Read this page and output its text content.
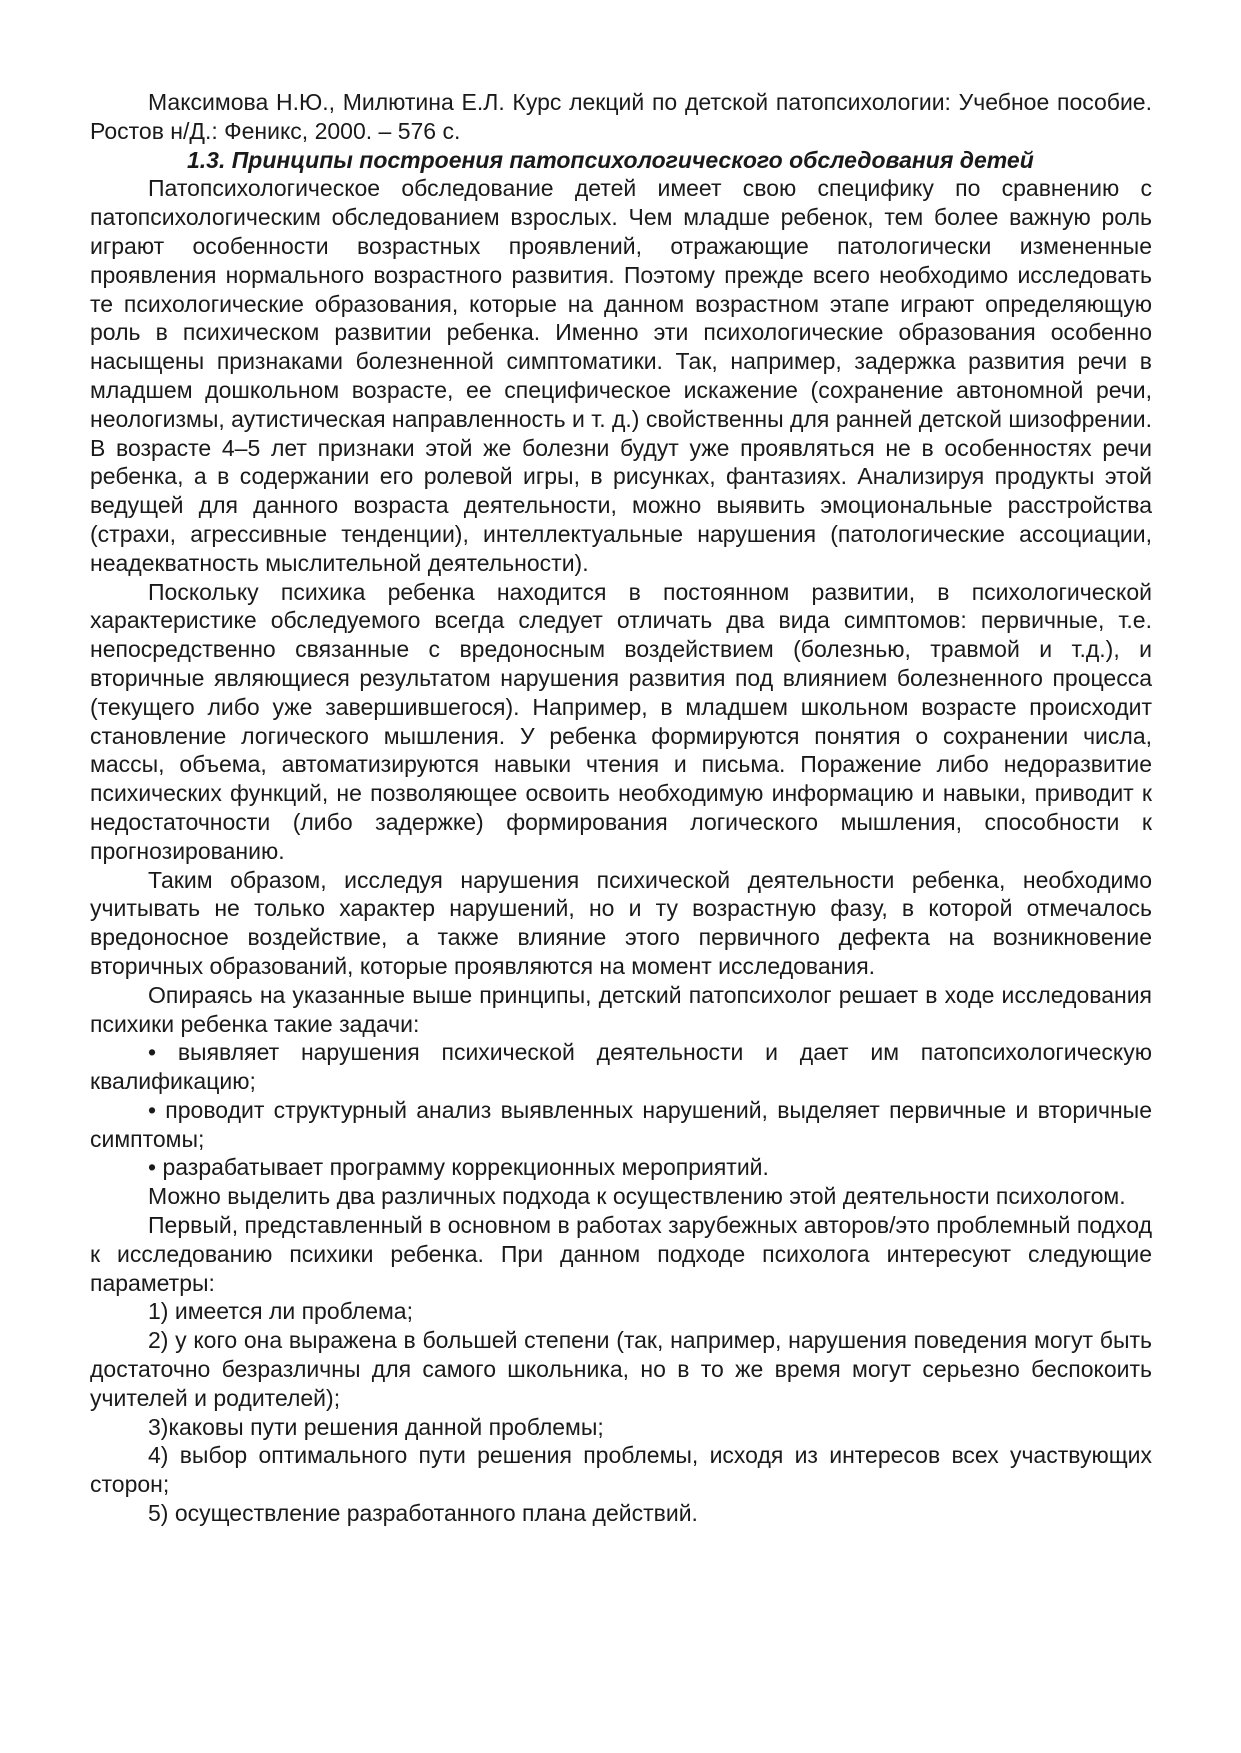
Максимова Н.Ю., Милютина Е.Л. Курс лекций по детской патопсихологии: Учебное пособие. Ростов н/Д.: Феникс, 2000. – 576 с.

1.3. Принципы построения патопсихологического обследования детей

Патопсихологическое обследование детей имеет свою специфику по сравнению с патопсихологическим обследованием взрослых. Чем младше ребенок, тем более важную роль играют особенности возрастных проявлений, отражающие патологически измененные проявления нормального возрастного развития. Поэтому прежде всего необходимо исследовать те психологические образования, которые на данном возрастном этапе играют определяющую роль в психическом развитии ребенка. Именно эти психологические образования особенно насыщены признаками болезненной симптоматики. Так, например, задержка развития речи в младшем дошкольном возрасте, ее специфическое искажение (сохранение автономной речи, неологизмы, аутистическая направленность и т. д.) свойственны для ранней детской шизофрении. В возрасте 4–5 лет признаки этой же болезни будут уже проявляться не в особенностях речи ребенка, а в содержании его ролевой игры, в рисунках, фантазиях. Анализируя продукты этой ведущей для данного возраста деятельности, можно выявить эмоциональные расстройства (страхи, агрессивные тенденции), интеллектуальные нарушения (патологические ассоциации, неадекватность мыслительной деятельности).

Поскольку психика ребенка находится в постоянном развитии, в психологической характеристике обследуемого всегда следует отличать два вида симптомов: первичные, т.е. непосредственно связанные с вредоносным воздействием (болезнью, травмой и т.д.), и вторичные являющиеся результатом нарушения развития под влиянием болезненного процесса (текущего либо уже завершившегося). Например, в младшем школьном возрасте происходит становление логического мышления. У ребенка формируются понятия о сохранении числа, массы, объема, автоматизируются навыки чтения и письма. Поражение либо недоразвитие психических функций, не позволяющее освоить необходимую информацию и навыки, приводит к недостаточности (либо задержке) формирования логического мышления, способности к прогнозированию.

Таким образом, исследуя нарушения психической деятельности ребенка, необходимо учитывать не только характер нарушений, но и ту возрастную фазу, в которой отмечалось вредоносное воздействие, а также влияние этого первичного дефекта на возникновение вторичных образований, которые проявляются на момент исследования.

Опираясь на указанные выше принципы, детский патопсихолог решает в ходе исследования психики ребенка такие задачи:

• выявляет нарушения психической деятельности и дает им патопсихологическую квалификацию;

• проводит структурный анализ выявленных нарушений, выделяет первичные и вторичные симптомы;

• разрабатывает программу коррекционных мероприятий.

Можно выделить два различных подхода к осуществлению этой деятельности психологом.

Первый, представленный в основном в работах зарубежных авторов/это проблемный подход к исследованию психики ребенка. При данном подходе психолога интересуют следующие параметры:

1) имеется ли проблема;

2) у кого она выражена в большей степени (так, например, нарушения поведения могут быть достаточно безразличны для самого школьника, но в то же время могут серьезно беспокоить учителей и родителей);

3)каковы пути решения данной проблемы;

4) выбор оптимального пути решения проблемы, исходя из интересов всех участвующих сторон;

5) осуществление разработанного плана действий.
